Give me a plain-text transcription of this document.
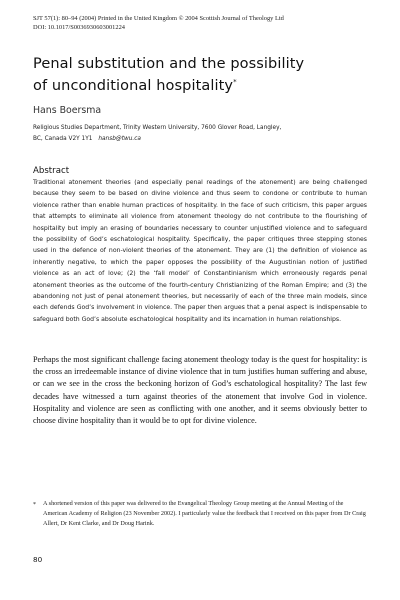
SJT 57(1): 80–94 (2004) Printed in the United Kingdom © 2004 Scottish Journal of Theology Ltd
DOI: 10.1017/S0036930603001224
Penal substitution and the possibility
of unconditional hospitality*
Hans Boersma
Religious Studies Department, Trinity Western University, 7600 Glover Road, Langley,
BC, Canada V2Y 1Y1 hansb@twu.ca
Abstract
Traditional atonement theories (and especially penal readings of the atonement) are being challenged because they seem to be based on divine violence and thus seem to condone or contribute to human violence rather than enable human practices of hospitality. In the face of such criticism, this paper argues that attempts to eliminate all violence from atonement theology do not contribute to the flourishing of hospitality but imply an erasing of boundaries necessary to counter unjustified violence and to safeguard the possibility of God’s eschatological hospitality. Specifically, the paper critiques three stepping stones used in the defence of non-violent theories of the atonement. They are (1) the definition of violence as inherently negative, to which the paper opposes the possibility of the Augustinian notion of justified violence as an act of love; (2) the ‘fall model’ of Constantinianism which erroneously regards penal atonement theories as the outcome of the fourth-century Christianizing of the Roman Empire; and (3) the abandoning not just of penal atonement theories, but necessarily of each of the three main models, since each defends God’s involvement in violence. The paper then argues that a penal aspect is indispensable to safeguard both God’s absolute eschatological hospitality and its incarnation in human relationships.
Perhaps the most significant challenge facing atonement theology today is the quest for hospitality: is the cross an irredeemable instance of divine violence that in turn justifies human suffering and abuse, or can we see in the cross the beckoning horizon of God’s eschatological hospitality? The last few decades have witnessed a turn against theories of the atonement that involve God in violence. Hospitality and violence are seen as conflicting with one another, and it seems obviously better to choose divine hospitality than it would be to opt for divine violence.
*	A shortened version of this paper was delivered to the Evangelical Theology Group meeting at the Annual Meeting of the American Academy of Religion (23 November 2002). I particularly value the feedback that I received on this paper from Dr Craig Allert, Dr Kent Clarke, and Dr Doug Harink.
80
